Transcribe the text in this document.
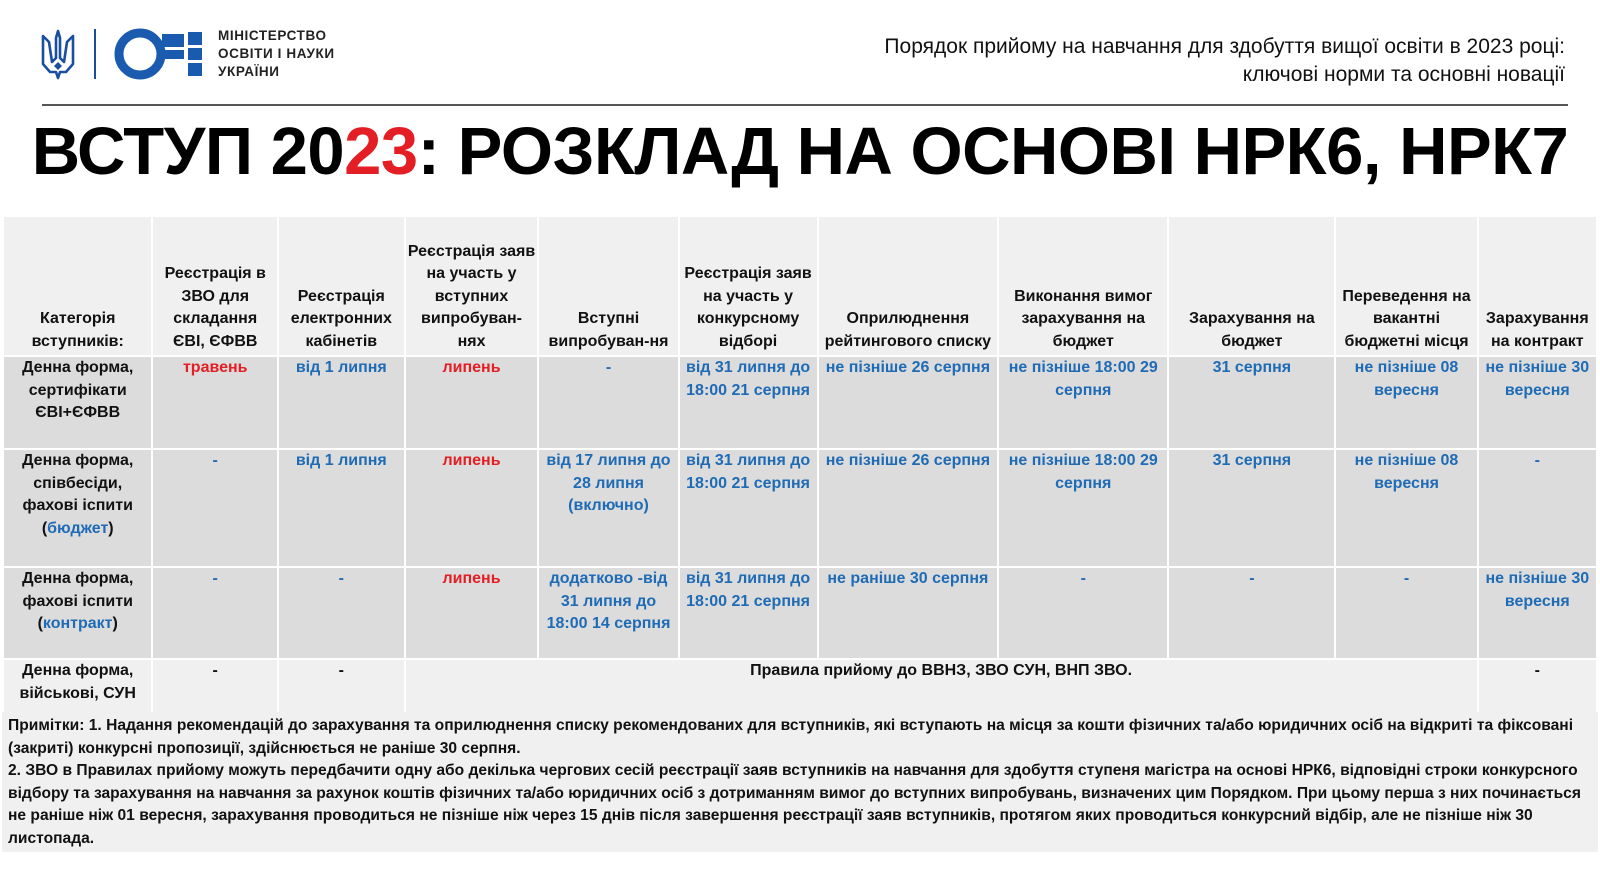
МІНІСТЕРСТВО
ОСВІТИ І НАУКИ
УКРАЇНИ
Порядок прийому на навчання для здобуття вищої освіти в 2023 році:
ключові норми та основні новації
ВСТУП 2023: РОЗКЛАД НА ОСНОВІ НРК6, НРК7
Категорія вступників:	Реєстрація в ЗВО для складання ЄВІ, ЄФВВ	Реєстрація електронних кабінетів	Реєстрація заяв на участь у вступних випробуван-нях	Вступні випробуван-ня	Реєстрація заяв на участь у конкурсному відборі	Оприлюднення рейтингового списку	Виконання вимог зарахування на бюджет	Зарахування на бюджет	Переведення на вакантні бюджетні місця	Зарахування на контракт
Денна форма, сертифікати ЄВІ+ЄФВВ	травень	від 1 липня	липень	-	від 31 липня до 18:00 21 серпня	не пізніше 26 серпня	не пізніше 18:00 29 серпня	31 серпня	не пізніше 08 вересня	не пізніше 30 вересня
Денна форма, співбесіди, фахові іспити (бюджет)	-	від 1 липня	липень	від 17 липня до 28 липня (включно)	від 31 липня до 18:00 21 серпня	не пізніше 26 серпня	не пізніше 18:00 29 серпня	31 серпня	не пізніше 08 вересня	-
Денна форма, фахові іспити (контракт)	-	-	липень	додатково -від 31 липня до 18:00 14 серпня	від 31 липня до 18:00 21 серпня	не раніше 30 серпня	-	-	-	не пізніше 30 вересня
Денна форма, військові, СУН	-	-	Правила прийому до ВВНЗ, ЗВО СУН, ВНП ЗВО.							-
Примітки: 1. Надання рекомендацій до зарахування та оприлюднення списку рекомендованих для вступників, які вступають на місця за кошти фізичних та/або юридичних осіб на відкриті та фіксовані (закриті) конкурсні пропозиції, здійснюється не раніше 30 серпня.
2. ЗВО в Правилах прийому можуть передбачити одну або декілька чергових сесій реєстрації заяв вступників на навчання для здобуття ступеня магістра на основі НРК6, відповідні строки конкурсного відбору та зарахування на навчання за рахунок коштів фізичних та/або юридичних осіб з дотриманням вимог до вступних випробувань, визначених цим Порядком. При цьому перша з них починається не раніше ніж 01 вересня, зарахування проводиться не пізніше ніж через 15 днів після завершення реєстрації заяв вступників, протягом яких проводиться конкурсний відбір, але не пізніше ніж 30 листопада.
